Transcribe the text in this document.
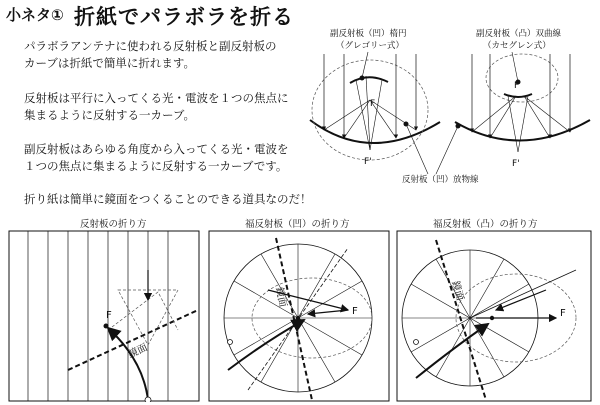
小ネタ① 折紙でパラボラを折る
パラボラアンテナに使われる反射板と副反射板の
カーブは折紙で簡単に折れます。
反射板は平行に入ってくる光・電波を１つの焦点に
集まるように反射する一カーブ。
副反射板はあらゆる角度から入ってくる光・電波を
１つの焦点に集まるように反射する一カーブです。
折り紙は簡単に鏡面をつくることのできる道具なのだ！
副反射板（凹）楕円
（グレゴリー式）
副反射板（凸）双曲線
（カセグレン式）
反射板（凹）放物線
F
F'
F
F'
反射板の折り方	福反射板（凹）の折り方	福反射板（凸）の折り方
F
鏡面
F
鏡面
F
鏡面
